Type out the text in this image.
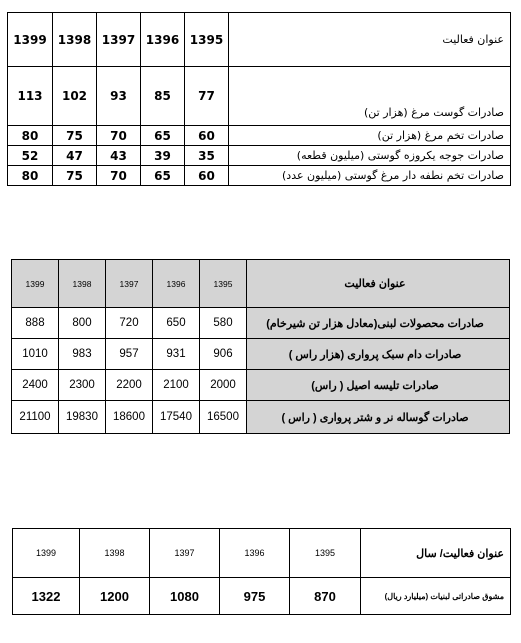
1399	1398	1397	1396	1395	عنوان فعالیت
113	102	93	85	77	صادرات گوست مرغ (هزار تن)
80	75	70	65	60	صادرات تخم مرغ (هزار تن)
52	47	43	39	35	صادرات جوجه یکروزه گوستی (میلیون قطعه)
80	75	70	65	60	صادرات تخم نطفه دار مرغ گوستی (میلیون عدد)
1399	1398	1397	1396	1395	عنوان فعالیت
888	800	720	650	580	صادرات محصولات لبنی(معادل هزار تن شیرخام)
1010	983	957	931	906	صادرات دام سبک پرواری (هزار راس )
2400	2300	2200	2100	2000	صادرات تلیسه اصیل ( راس)
21100	19830	18600	17540	16500	صادرات گوساله نر و شتر پرواری ( راس )
1399	1398	1397	1396	1395	عنوان فعالیت/ سال
1322	1200	1080	975	870	مشوق صادراتی لبنیات (میلیارد ریال)
